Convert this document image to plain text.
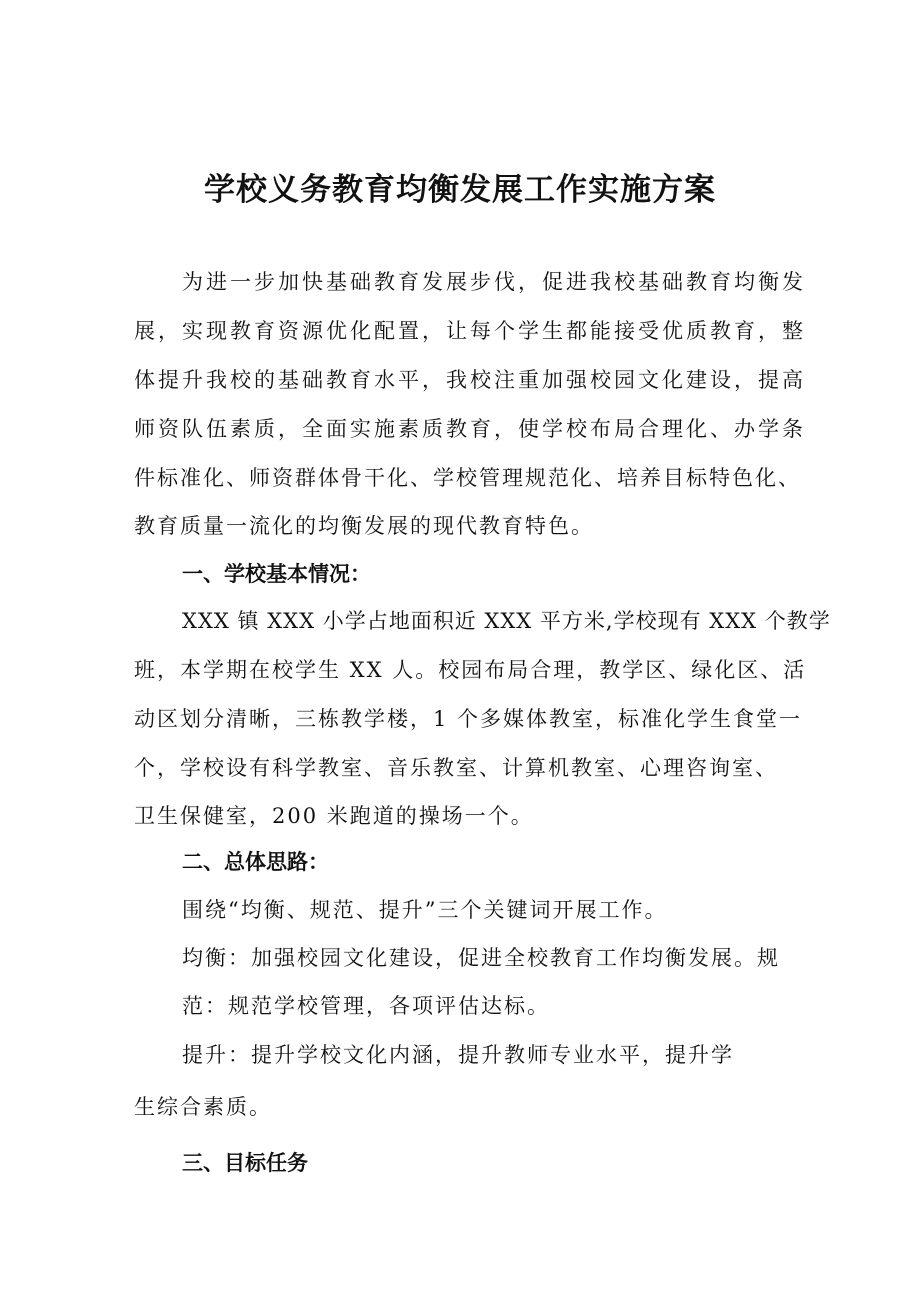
学校义务教育均衡发展工作实施方案
为进一步加快基础教育发展步伐，促进我校基础教育均衡发
展，实现教育资源优化配置，让每个学生都能接受优质教育，整
体提升我校的基础教育水平，我校注重加强校园文化建设，提高
师资队伍素质，全面实施素质教育，使学校布局合理化、办学条
件标准化、师资群体骨干化、学校管理规范化、培养目标特色化、
教育质量一流化的均衡发展的现代教育特色。
一、学校基本情况：
XXX 镇 XXX 小学占地面积近 XXX 平方米,学校现有 XXX 个教学
班，本学期在校学生 XX 人。校园布局合理，教学区、绿化区、活
动区划分清晰，三栋教学楼，1 个多媒体教室，标准化学生食堂一
个，学校设有科学教室、音乐教室、计算机教室、心理咨询室、
卫生保健室，200 米跑道的操场一个。
二、总体思路：
围绕“均衡、规范、提升”三个关键词开展工作。
均衡：加强校园文化建设，促进全校教育工作均衡发展。规
范：规范学校管理，各项评估达标。
提升：提升学校文化内涵，提升教师专业水平，提升学
生综合素质。
三、目标任务
